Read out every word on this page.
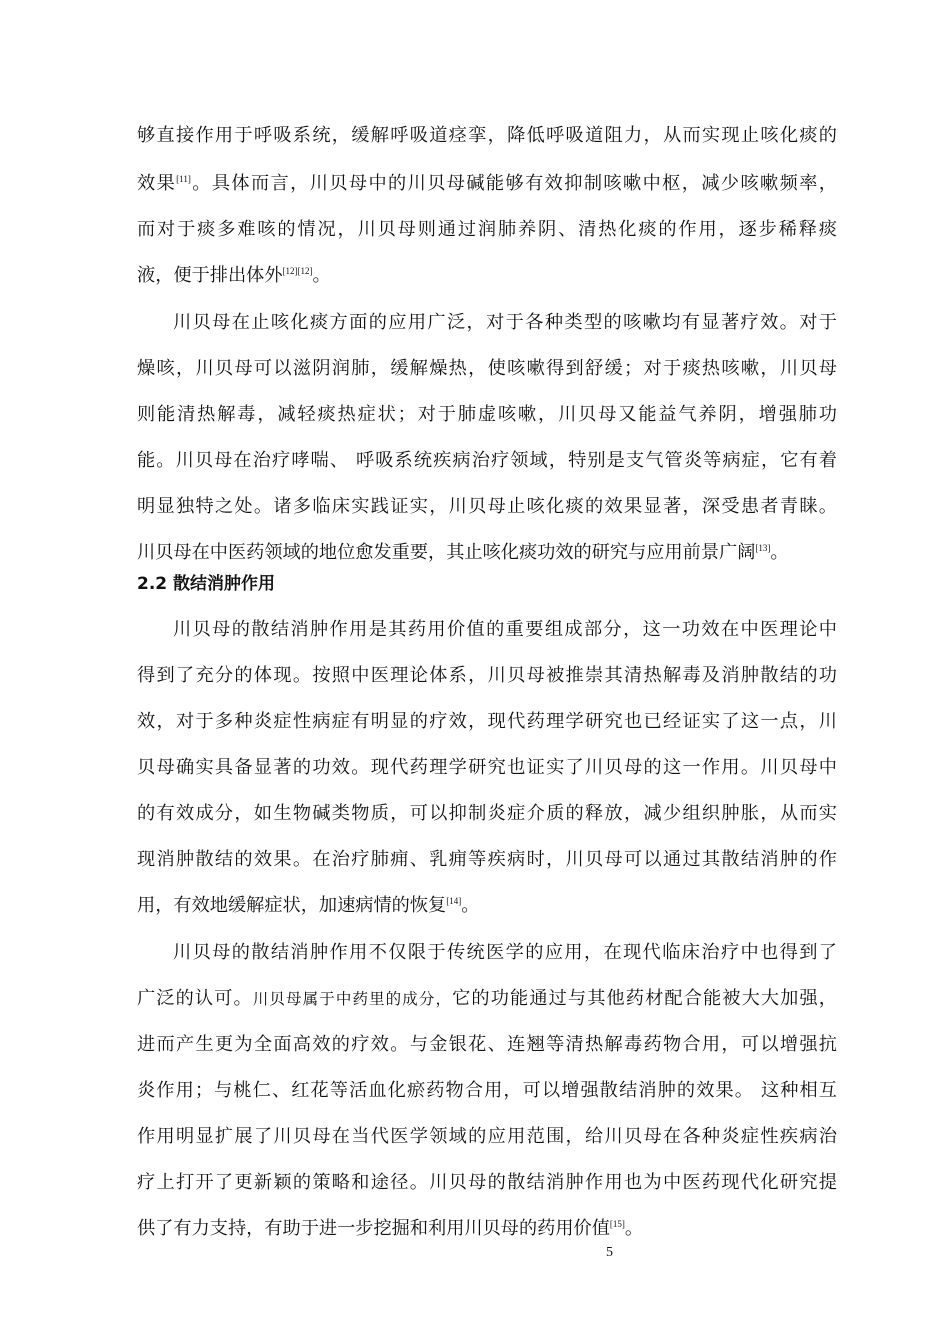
够直接作用于呼吸系统，缓解呼吸道痉挛，降低呼吸道阻力，从而实现止咳化痰的
效果[11]。具体而言，川贝母中的川贝母碱能够有效抑制咳嗽中枢，减少咳嗽频率，
而对于痰多难咳的情况，川贝母则通过润肺养阴、清热化痰的作用，逐步稀释痰
液，便于排出体外[12][12]。
川贝母在止咳化痰方面的应用广泛，对于各种类型的咳嗽均有显著疗效。对于
燥咳，川贝母可以滋阴润肺，缓解燥热，使咳嗽得到舒缓；对于痰热咳嗽，川贝母
则能清热解毒，减轻痰热症状；对于肺虚咳嗽，川贝母又能益气养阴，增强肺功
能。川贝母在治疗哮喘、 呼吸系统疾病治疗领域，特别是支气管炎等病症，它有着
明显独特之处。诸多临床实践证实，川贝母止咳化痰的效果显著，深受患者青睐。
川贝母在中医药领域的地位愈发重要，其止咳化痰功效的研究与应用前景广阔[13]。
2.2 散结消肿作用
川贝母的散结消肿作用是其药用价值的重要组成部分，这一功效在中医理论中
得到了充分的体现。按照中医理论体系，川贝母被推崇其清热解毒及消肿散结的功
效，对于多种炎症性病症有明显的疗效，现代药理学研究也已经证实了这一点，川
贝母确实具备显著的功效。现代药理学研究也证实了川贝母的这一作用。川贝母中
的有效成分，如生物碱类物质，可以抑制炎症介质的释放，减少组织肿胀，从而实
现消肿散结的效果。在治疗肺痈、乳痈等疾病时，川贝母可以通过其散结消肿的作
用，有效地缓解症状，加速病情的恢复[14]。
川贝母的散结消肿作用不仅限于传统医学的应用，在现代临床治疗中也得到了
广泛的认可。川贝母属于中药里的成分，它的功能通过与其他药材配合能被大大加强，
进而产生更为全面高效的疗效。与金银花、连翘等清热解毒药物合用，可以增强抗
炎作用；与桃仁、红花等活血化瘀药物合用，可以增强散结消肿的效果。 这种相互
作用明显扩展了川贝母在当代医学领域的应用范围，给川贝母在各种炎症性疾病治
疗上打开了更新颖的策略和途径。川贝母的散结消肿作用也为中医药现代化研究提
供了有力支持，有助于进一步挖掘和利用川贝母的药用价值[15]。
5
